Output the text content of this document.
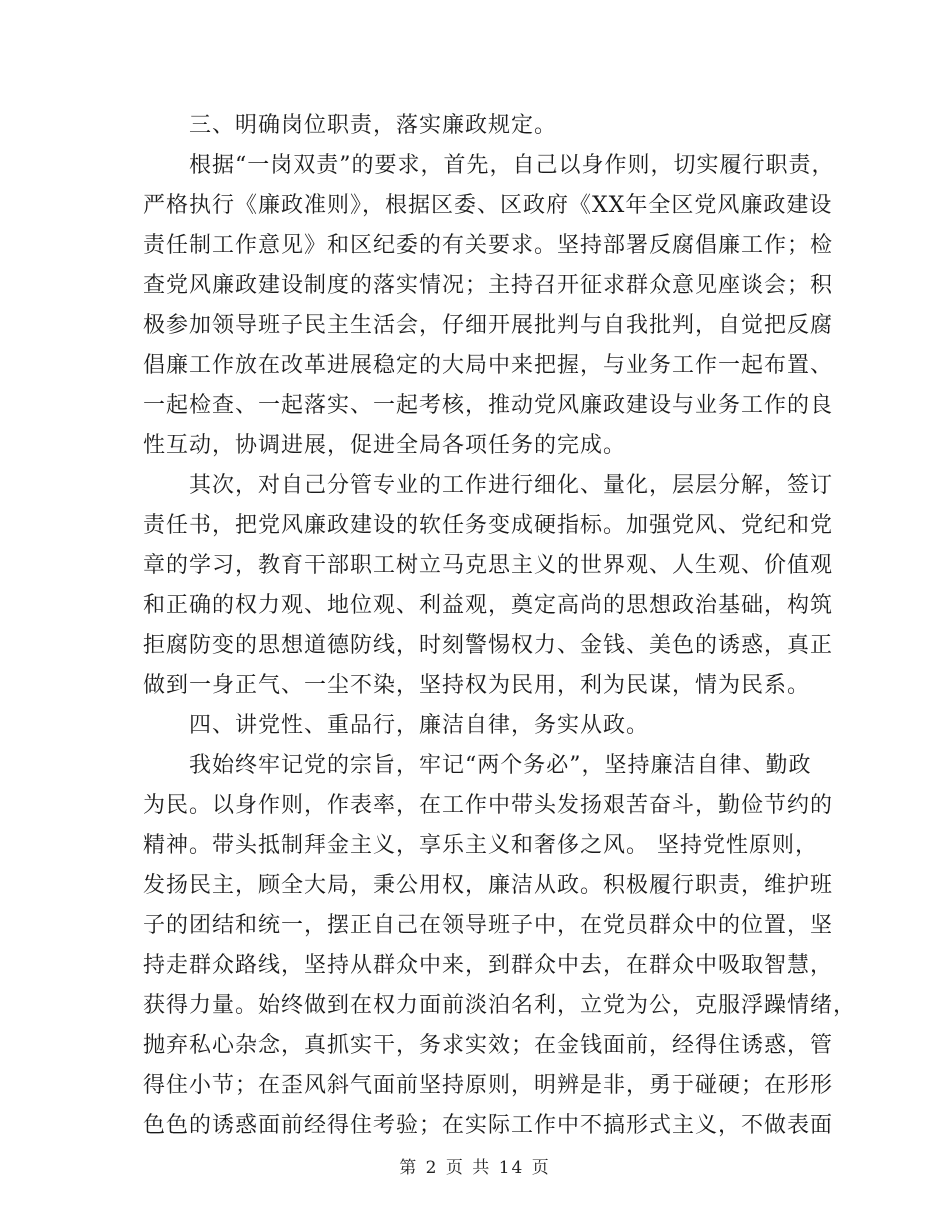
三、明确岗位职责，落实廉政规定。

根据“一岗双责”的要求，首先，自己以身作则，切实履行职责，
严格执行《廉政准则》，根据区委、区政府《XX年全区党风廉政建设
责任制工作意见》和区纪委的有关要求。坚持部署反腐倡廉工作；检
查党风廉政建设制度的落实情况；主持召开征求群众意见座谈会；积
极参加领导班子民主生活会，仔细开展批判与自我批判，自觉把反腐
倡廉工作放在改革进展稳定的大局中来把握，与业务工作一起布置、
一起检查、一起落实、一起考核，推动党风廉政建设与业务工作的良
性互动，协调进展，促进全局各项任务的完成。

其次，对自己分管专业的工作进行细化、量化，层层分解，签订
责任书，把党风廉政建设的软任务变成硬指标。加强党风、党纪和党
章的学习，教育干部职工树立马克思主义的世界观、人生观、价值观
和正确的权力观、地位观、利益观，奠定高尚的思想政治基础，构筑
拒腐防变的思想道德防线，时刻警惕权力、金钱、美色的诱惑，真正
做到一身正气、一尘不染，坚持权为民用，利为民谋，情为民系。

四、讲党性、重品行，廉洁自律，务实从政。

我始终牢记党的宗旨，牢记“两个务必”，坚持廉洁自律、勤政
为民。以身作则，作表率，在工作中带头发扬艰苦奋斗，勤俭节约的
精神。带头抵制拜金主义，享乐主义和奢侈之风。 坚持党性原则，
发扬民主，顾全大局，秉公用权，廉洁从政。积极履行职责，维护班
子的团结和统一，摆正自己在领导班子中，在党员群众中的位置，坚
持走群众路线，坚持从群众中来，到群众中去，在群众中吸取智慧，
获得力量。始终做到在权力面前淡泊名利，立党为公，克服浮躁情绪，
抛弃私心杂念，真抓实干，务求实效；在金钱面前，经得住诱惑，管
得住小节；在歪风斜气面前坚持原则，明辨是非，勇于碰硬；在形形
色色的诱惑面前经得住考验；在实际工作中不搞形式主义，不做表面

第 2 页 共 14 页
